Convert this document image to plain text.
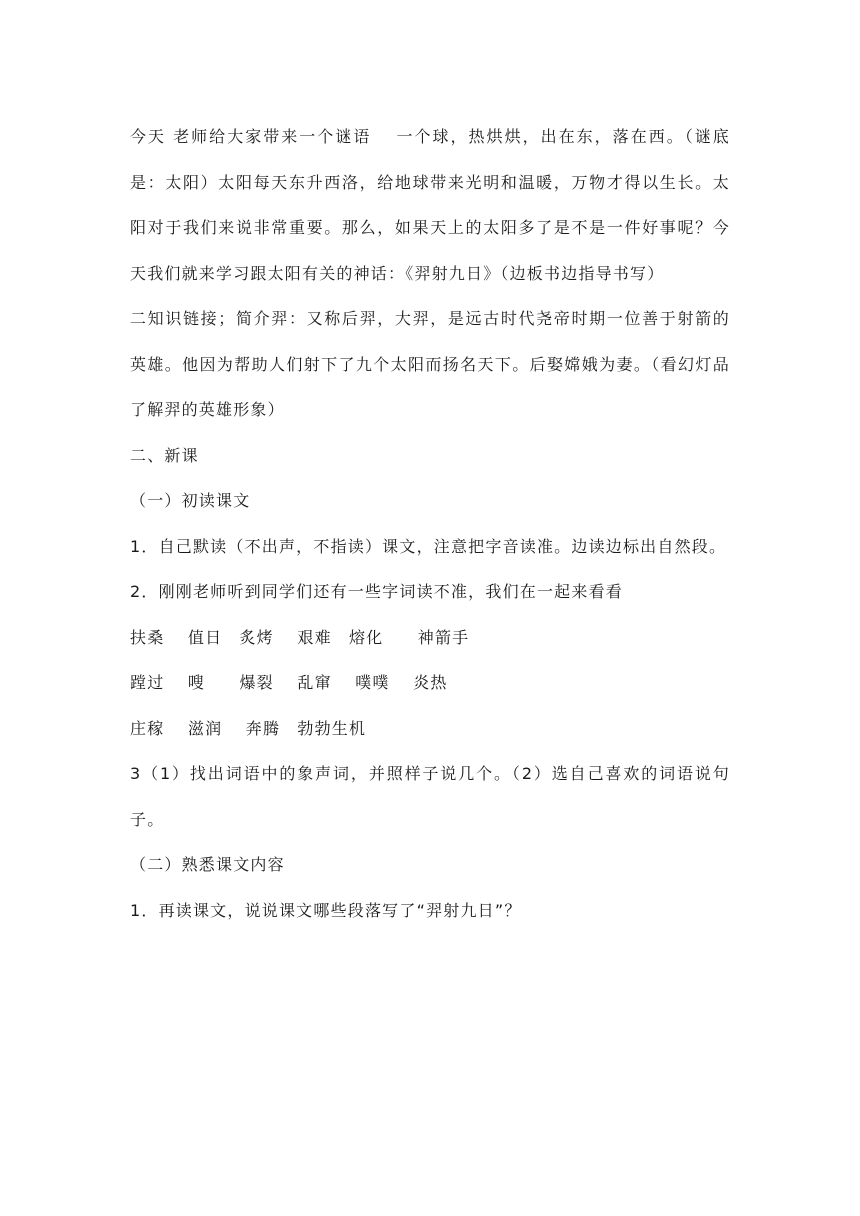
今天 老师给大家带来一个谜语　 一个球，热烘烘，出在东，落在西。（谜底是：太阳）太阳每天东升西洛，给地球带来光明和温暖，万物才得以生长。太阳对于我们来说非常重要。那么，如果天上的太阳多了是不是一件好事呢？今天我们就来学习跟太阳有关的神话：《羿射九日》（边板书边指导书写）

二知识链接；简介羿：又称后羿，大羿，是远古时代尧帝时期一位善于射箭的英雄。他因为帮助人们射下了九个太阳而扬名天下。后娶嫦娥为妻。（看幻灯品了解羿的英雄形象）

二、新课

（一）初读课文

1．自己默读（不出声，不指读）课文，注意把字音读准。边读边标出自然段。

2．刚刚老师听到同学们还有一些字词读不准，我们在一起来看看

扶桑　 值日　炙烤　 艰难　熔化　　神箭手

蹚过　 嗖　　爆裂　 乱窜　 噗噗　 炎热

庄稼　 滋润　 奔腾　勃勃生机

3（1）找出词语中的象声词，并照样子说几个。（2）选自己喜欢的词语说句子。

（二）熟悉课文内容

1．再读课文，说说课文哪些段落写了“羿射九日”？
